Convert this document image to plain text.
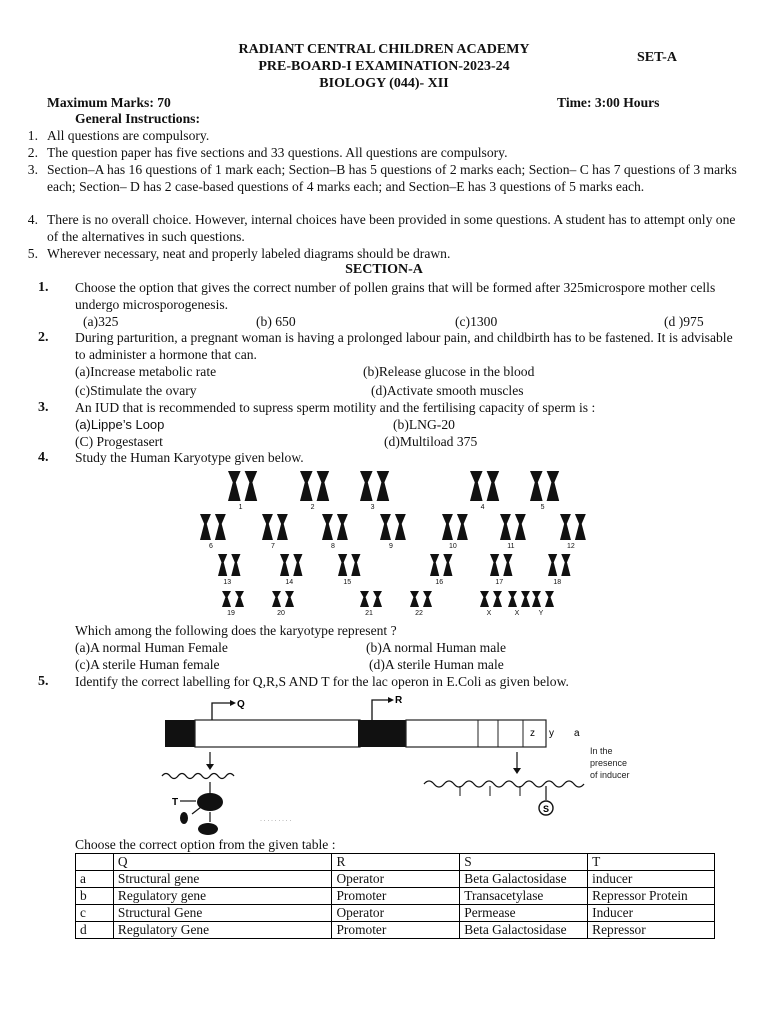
RADIANT CENTRAL CHILDREN ACADEMY
PRE-BOARD-I EXAMINATION-2023-24
BIOLOGY (044)- XII
SET-A
Maximum Marks: 70	Time: 3:00 Hours
General Instructions:
1. All questions are compulsory.
2. The question paper has five sections and 33 questions. All questions are compulsory.
3. Section–A has 16 questions of 1 mark each; Section–B has 5 questions of 2 marks each; Section– C has 7 questions of 3 marks each; Section– D has 2 case-based questions of 4 marks each; and Section–E has 3 questions of 5 marks each.
4. There is no overall choice. However, internal choices have been provided in some questions. A student has to attempt only one of the alternatives in such questions.
5. Wherever necessary, neat and properly labeled diagrams should be drawn.
SECTION-A
1.	Choose the option that gives the correct number of pollen grains that will be formed after 325microspore mother cells undergo microsporogenesis.
(a)325	(b) 650	(c)1300	(d )975
2.	During parturition, a pregnant woman is having a prolonged labour pain, and childbirth has to be fastened. It is advisable to administer a hormone that can.
(a)Increase metabolic rate	(b)Release glucose in the blood
(c)Stimulate the ovary	(d)Activate smooth muscles
3.	An IUD that is recommended to supress sperm motility and the fertilising capacity of sperm is :
(a)Lippe’s Loop	(b)LNG-20
(C) Progestasert	(d)Multiload 375
4.	Study the Human Karyotype given below.
1	2	3	4	5
6	7	8	9	10	11	12
13	14	15	16	17	18
19	20	21	22	X	X	Y
Which among the following does the karyotype represent ?
(a)A normal Human Female	(b)A normal Human male
(c)A sterile Human female	(d)A sterile Human male
5.	Identify the correct labelling for Q,R,S AND T for the lac operon in E.Coli as given below.
z y a
Q	R
T
· · · · · · · · ·
S
In the
presence
of inducer
Choose the correct option from the given table :
	Q	R	S	T
a	Structural gene	Operator	Beta Galactosidase	inducer
b	Regulatory gene	Promoter	Transacetylase	Repressor Protein
c	Structural Gene	Operator	Permease	Inducer
d	Regulatory Gene	Promoter	Beta Galactosidase	Repressor
